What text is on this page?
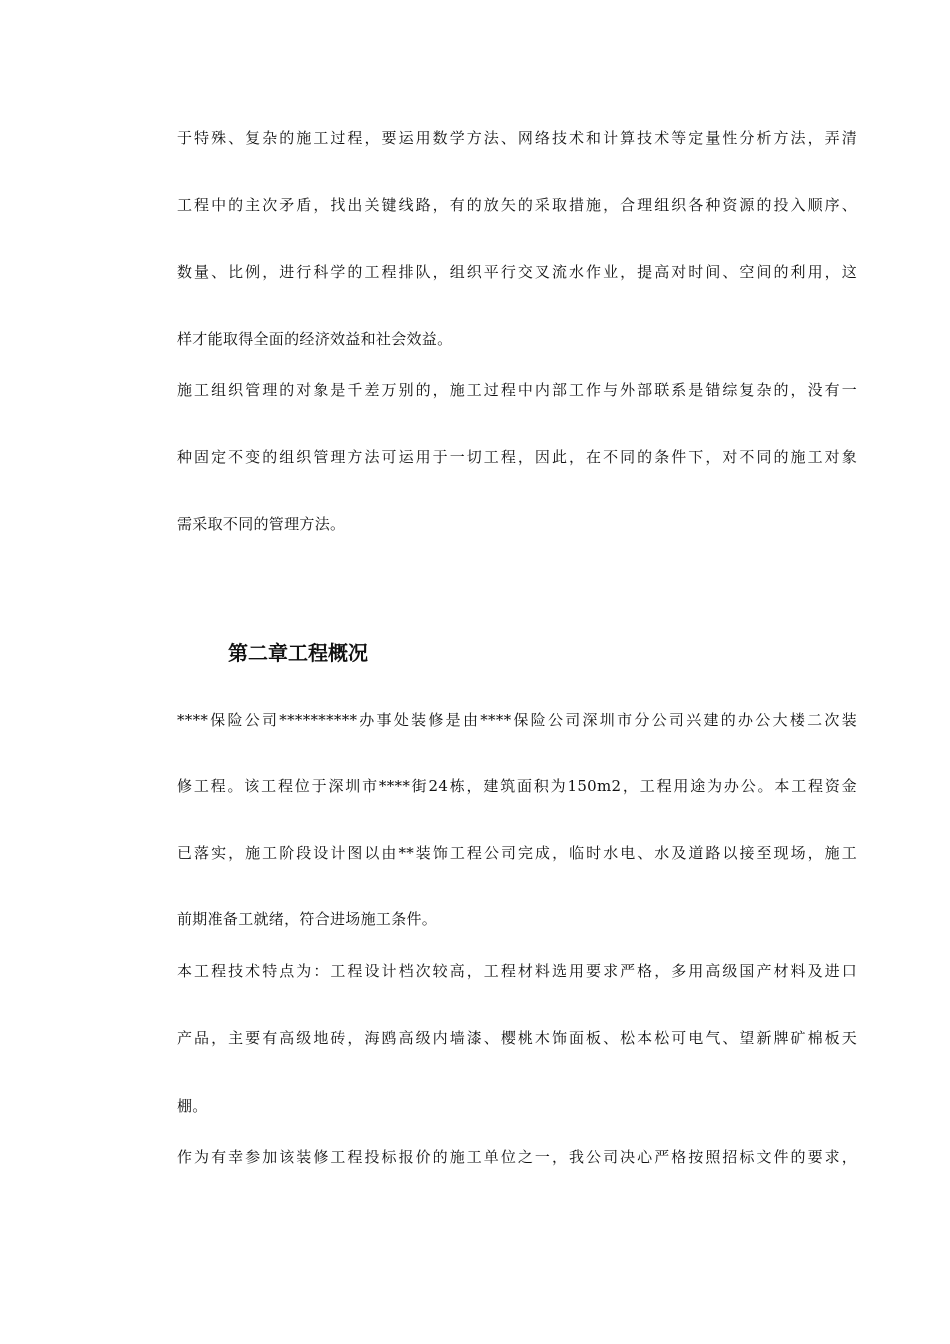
于特殊、复杂的施工过程，要运用数学方法、网络技术和计算技术等定量性分析方法，弄清
工程中的主次矛盾，找出关键线路，有的放矢的采取措施，合理组织各种资源的投入顺序、
数量、比例，进行科学的工程排队，组织平行交叉流水作业，提高对时间、空间的利用，这
样才能取得全面的经济效益和社会效益。
施工组织管理的对象是千差万别的，施工过程中内部工作与外部联系是错综复杂的，没有一
种固定不变的组织管理方法可运用于一切工程，因此，在不同的条件下，对不同的施工对象
需采取不同的管理方法。
第二章工程概况
****保险公司**********办事处装修是由****保险公司深圳市分公司兴建的办公大楼二次装
修工程。该工程位于深圳市****街24栋，建筑面积为150m2，工程用途为办公。本工程资金
已落实，施工阶段设计图以由**装饰工程公司完成，临时水电、水及道路以接至现场，施工
前期准备工就绪，符合进场施工条件。
本工程技术特点为：工程设计档次较高，工程材料选用要求严格，多用高级国产材料及进口
产品，主要有高级地砖，海鸥高级内墙漆、樱桃木饰面板、松本松可电气、望新牌矿棉板天
棚。
作为有幸参加该装修工程投标报价的施工单位之一，我公司决心严格按照招标文件的要求，
